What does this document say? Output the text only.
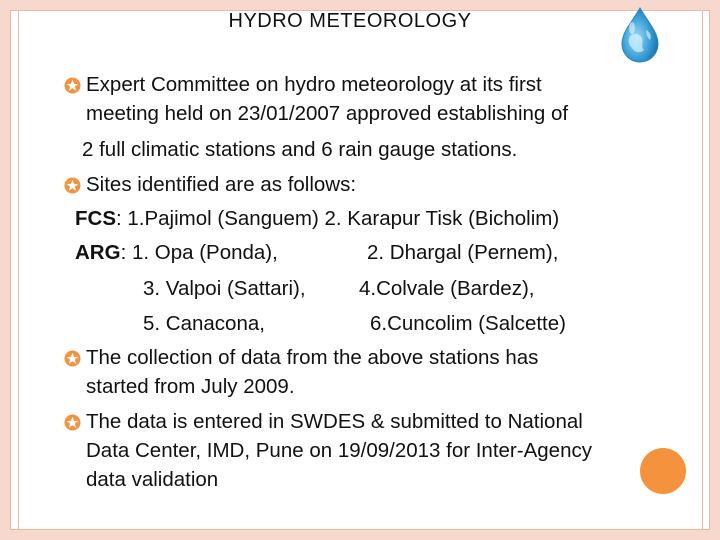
HYDRO METEOROLOGY
Expert Committee on hydro meteorology at its first
meeting held on 23/01/2007 approved establishing of
2 full climatic stations and 6 rain gauge stations.
Sites identified are as follows:
FCS: 1.Pajimol (Sanguem) 2. Karapur Tisk (Bicholim)
ARG: 1. Opa (Ponda),	2. Dhargal (Pernem),
3. Valpoi (Sattari),	4.Colvale (Bardez),
5. Canacona,	6.Cuncolim (Salcette)
The collection of data from the above stations has
started from July 2009.
The data is entered in SWDES & submitted to National
Data Center, IMD, Pune on 19/09/2013 for Inter-Agency
data validation
